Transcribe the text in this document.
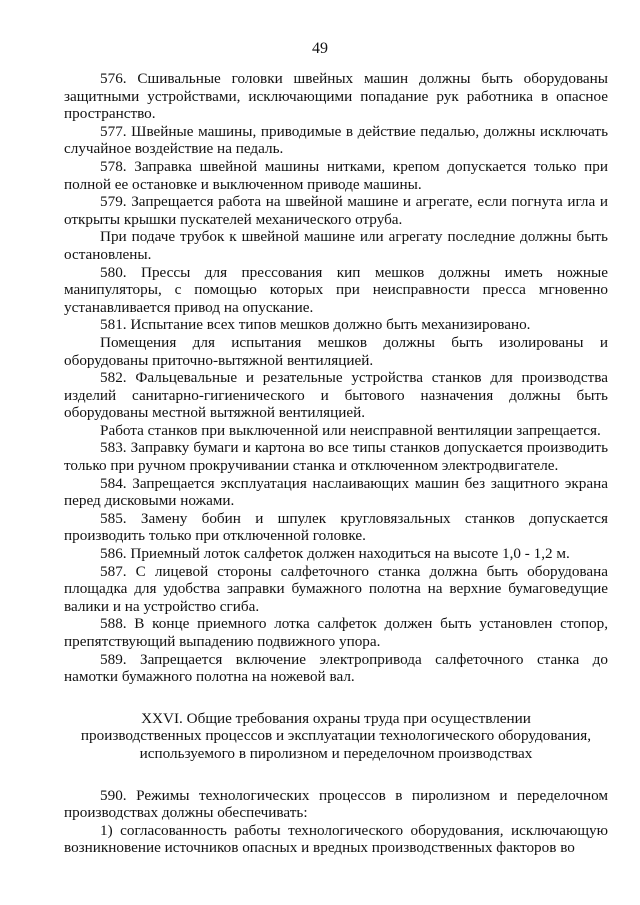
49

576. Сшивальные головки швейных машин должны быть оборудованы защитными устройствами, исключающими попадание рук работника в опасное пространство.

577. Швейные машины, приводимые в действие педалью, должны исключать случайное воздействие на педаль.

578. Заправка швейной машины нитками, крепом допускается только при полной ее остановке и выключенном приводе машины.

579. Запрещается работа на швейной машине и агрегате, если погнута игла и открыты крышки пускателей механического отруба.

При подаче трубок к швейной машине или агрегату последние должны быть остановлены.

580. Прессы для прессования кип мешков должны иметь ножные манипуляторы, с помощью которых при неисправности пресса мгновенно устанавливается привод на опускание.

581. Испытание всех типов мешков должно быть механизировано.

Помещения для испытания мешков должны быть изолированы и оборудованы приточно-вытяжной вентиляцией.

582. Фальцевальные и резательные устройства станков для производства изделий санитарно-гигиенического и бытового назначения должны быть оборудованы местной вытяжной вентиляцией.

Работа станков при выключенной или неисправной вентиляции запрещается.

583. Заправку бумаги и картона во все типы станков допускается производить только при ручном прокручивании станка и отключенном электродвигателе.

584. Запрещается эксплуатация наслаивающих машин без защитного экрана перед дисковыми ножами.

585. Замену бобин и шпулек кругловязальных станков допускается производить только при отключенной головке.

586. Приемный лоток салфеток должен находиться на высоте 1,0 - 1,2 м.

587. С лицевой стороны салфеточного станка должна быть оборудована площадка для удобства заправки бумажного полотна на верхние бумаговедущие валики и на устройство сгиба.

588. В конце приемного лотка салфеток должен быть установлен стопор, препятствующий выпадению подвижного упора.

589. Запрещается включение электропривода салфеточного станка до намотки бумажного полотна на ножевой вал.

XXVI. Общие требования охраны труда при осуществлении
производственных процессов и эксплуатации технологического оборудования,
используемого в пиролизном и переделочном производствах

590. Режимы технологических процессов в пиролизном и переделочном производствах должны обеспечивать:

1) согласованность работы технологического оборудования, исключающую возникновение источников опасных и вредных производственных факторов во
